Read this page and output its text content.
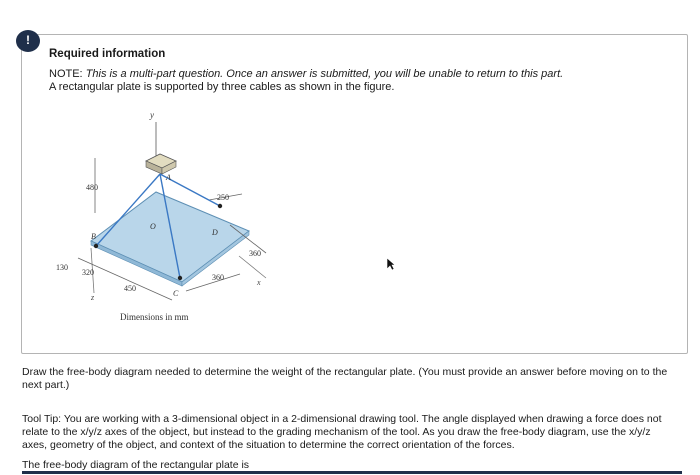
!
Required information
NOTE: This is a multi-part question. Once an answer is submitted, you will be unable to return to this part.
A rectangular plate is supported by three cables as shown in the figure.
y
A
B
C
D
O
x
z
480
250
360
130
320
450
360
Dimensions in mm
Draw the free-body diagram needed to determine the weight of the rectangular plate. (You must provide an answer before moving on to the next part.)
Tool Tip: You are working with a 3-dimensional object in a 2-dimensional drawing tool. The angle displayed when drawing a force does not relate to the x/y/z axes of the object, but instead to the grading mechanism of the tool. As you draw the free-body diagram, use the x/y/z axes, geometry of the object, and context of the situation to determine the correct orientation of the forces.
The free-body diagram of the rectangular plate is
